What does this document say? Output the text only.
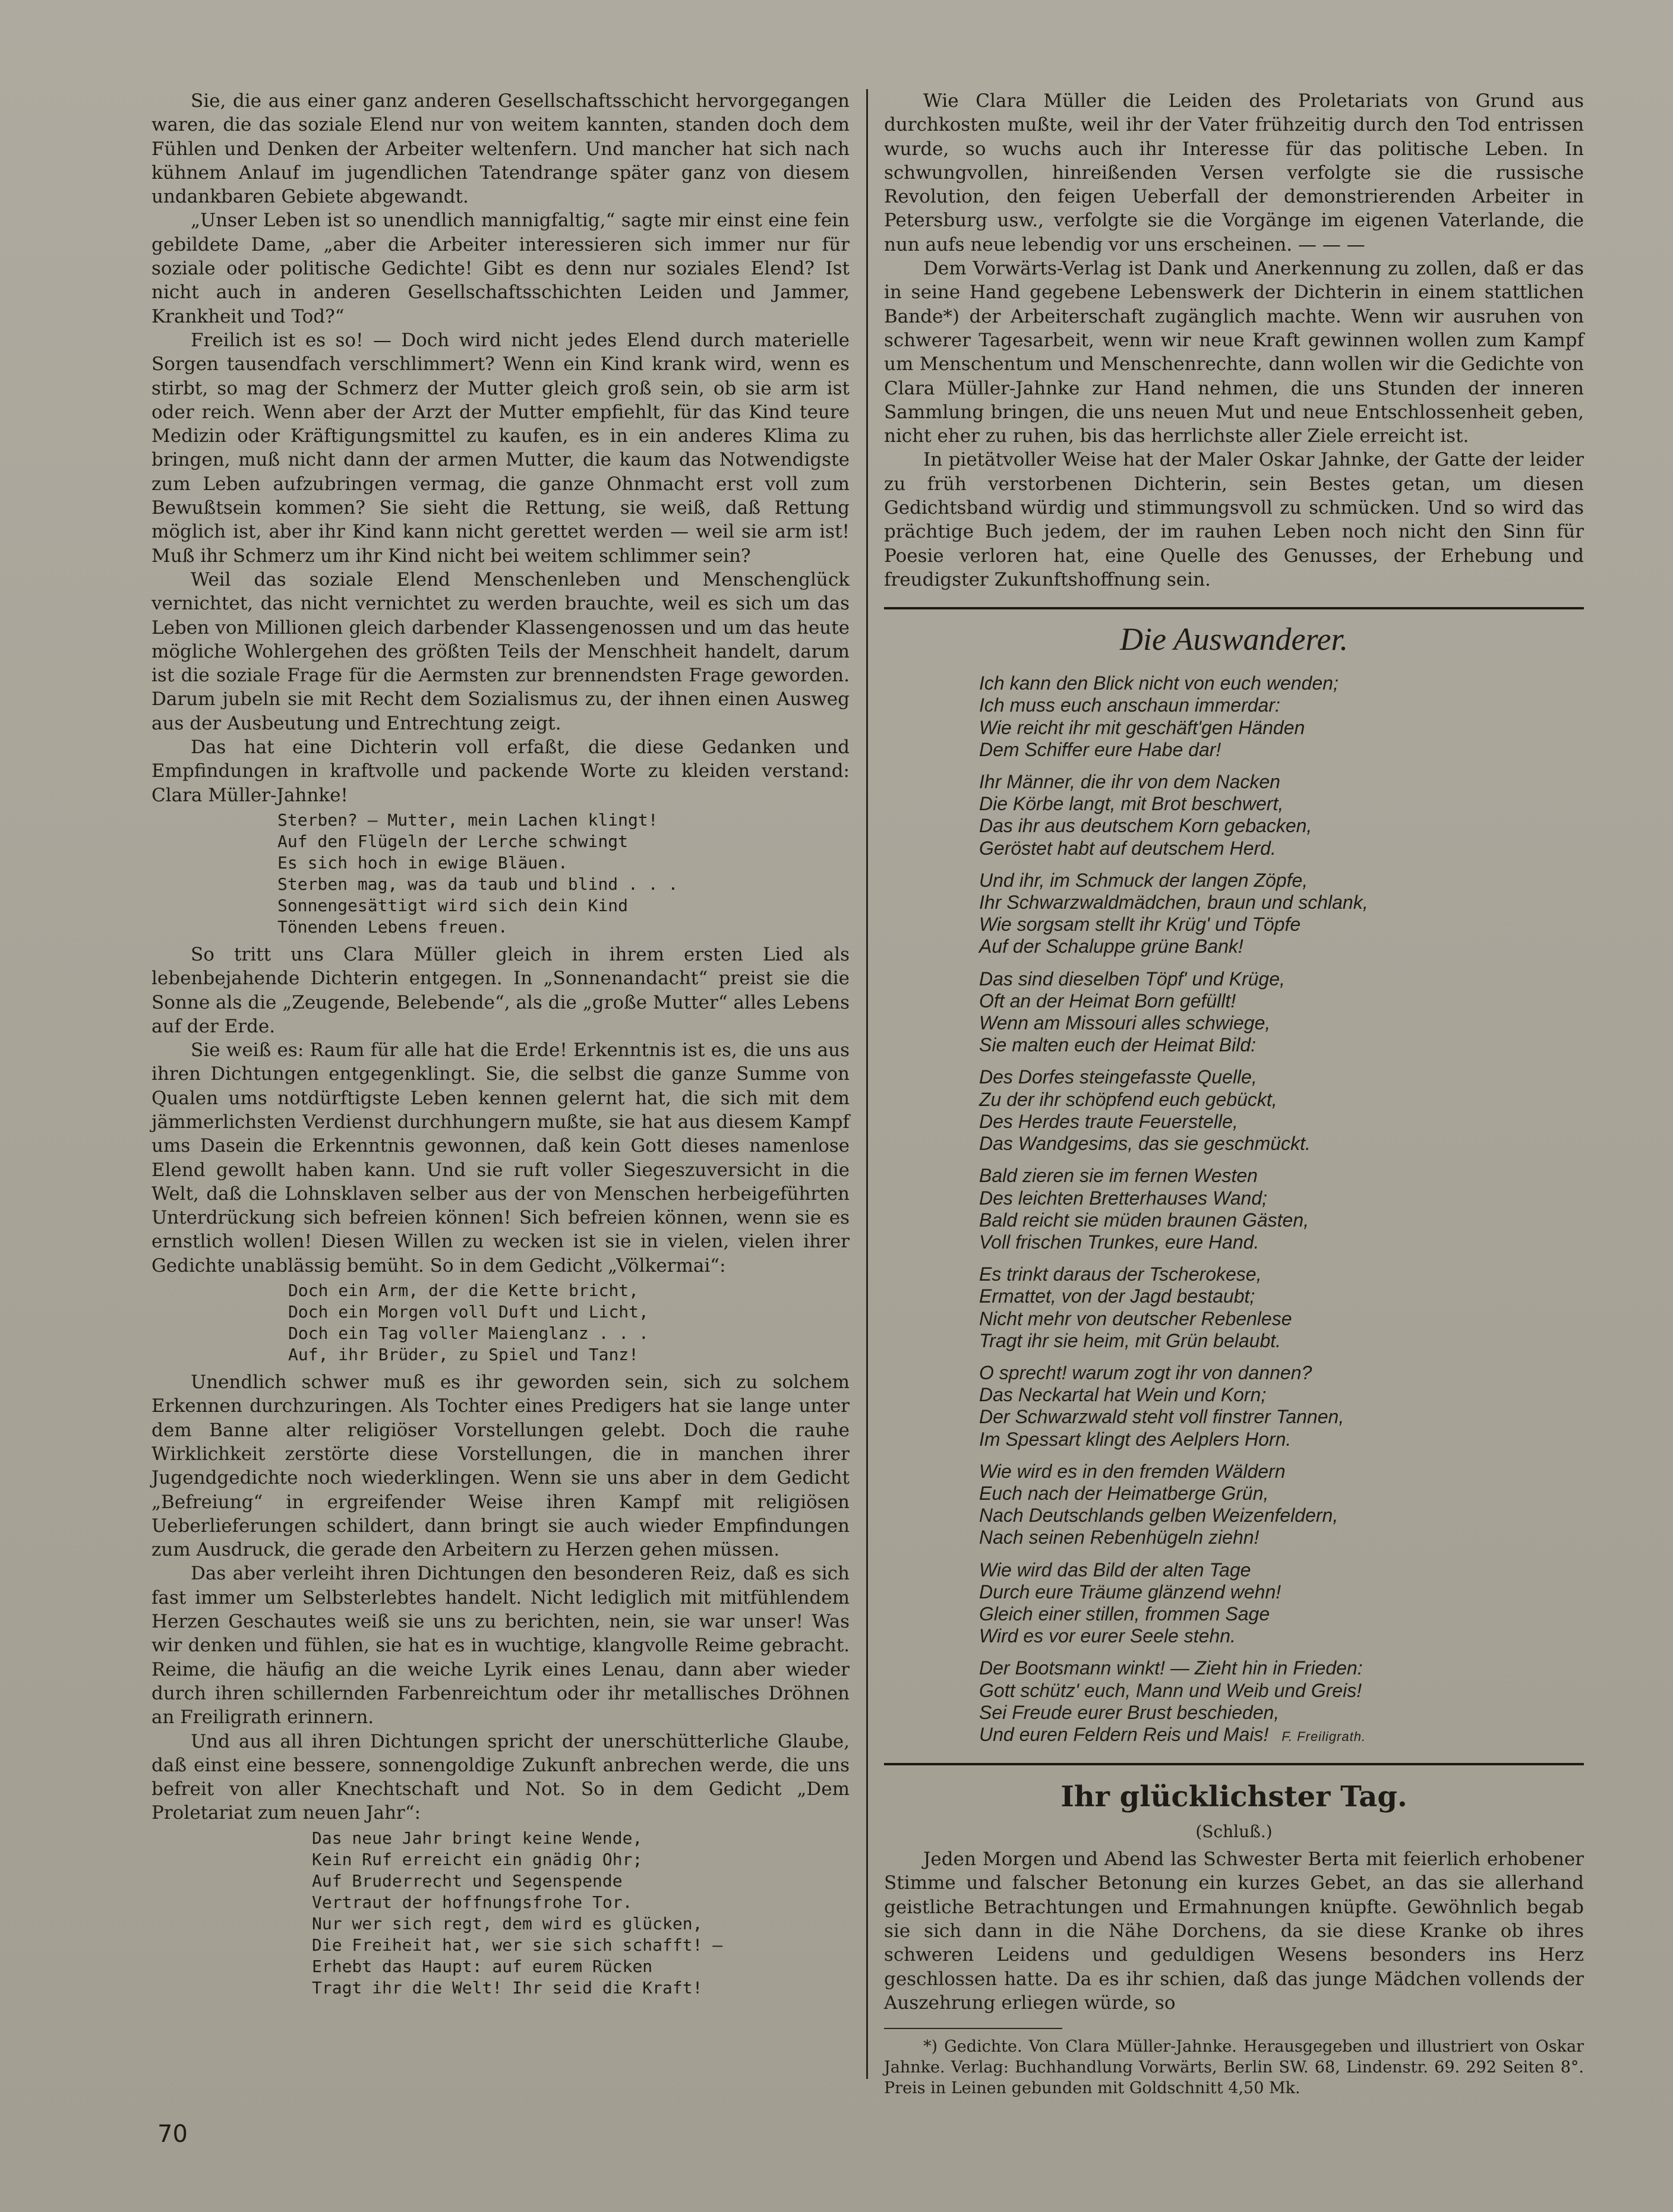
Sie, die aus einer ganz anderen Gesellschaftsschicht hervorgegangen waren, die das soziale Elend nur von weitem kannten, standen doch dem Fühlen und Denken der Arbeiter weltenfern. Und mancher hat sich nach kühnem Anlauf im jugendlichen Tatendrange später ganz von diesem undankbaren Gebiete abgewandt.

„Unser Leben ist so unendlich mannigfaltig,“ sagte mir einst eine fein gebildete Dame, „aber die Arbeiter interessieren sich immer nur für soziale oder politische Gedichte! Gibt es denn nur soziales Elend? Ist nicht auch in anderen Gesellschaftsschichten Leiden und Jammer, Krankheit und Tod?“

Freilich ist es so! — Doch wird nicht jedes Elend durch materielle Sorgen tausendfach verschlimmert? Wenn ein Kind krank wird, wenn es stirbt, so mag der Schmerz der Mutter gleich groß sein, ob sie arm ist oder reich. Wenn aber der Arzt der Mutter empfiehlt, für das Kind teure Medizin oder Kräftigungsmittel zu kaufen, es in ein anderes Klima zu bringen, muß nicht dann der armen Mutter, die kaum das Notwendigste zum Leben aufzubringen vermag, die ganze Ohnmacht erst voll zum Bewußtsein kommen? Sie sieht die Rettung, sie weiß, daß Rettung möglich ist, aber ihr Kind kann nicht gerettet werden — weil sie arm ist! Muß ihr Schmerz um ihr Kind nicht bei weitem schlimmer sein?

Weil das soziale Elend Menschenleben und Menschenglück vernichtet, das nicht vernichtet zu werden brauchte, weil es sich um das Leben von Millionen gleich darbender Klassengenossen und um das heute mögliche Wohlergehen des größten Teils der Menschheit handelt, darum ist die soziale Frage für die Aermsten zur brennendsten Frage geworden. Darum jubeln sie mit Recht dem Sozialismus zu, der ihnen einen Ausweg aus der Ausbeutung und Entrechtung zeigt.

Das hat eine Dichterin voll erfaßt, die diese Gedanken und Empfindungen in kraftvolle und packende Worte zu kleiden verstand: Clara Müller-Jahnke!

Sterben? — Mutter, mein Lachen klingt!
Auf den Flügeln der Lerche schwingt
Es sich hoch in ewige Bläuen.
Sterben mag, was da taub und blind . . .
Sonnengesättigt wird sich dein Kind
Tönenden Lebens freuen.

So tritt uns Clara Müller gleich in ihrem ersten Lied als lebenbejahende Dichterin entgegen. In „Sonnenandacht“ preist sie die Sonne als die „Zeugende, Belebende“, als die „große Mutter“ alles Lebens auf der Erde.

Sie weiß es: Raum für alle hat die Erde! Erkenntnis ist es, die uns aus ihren Dichtungen entgegenklingt. Sie, die selbst die ganze Summe von Qualen ums notdürftigste Leben kennen gelernt hat, die sich mit dem jämmerlichsten Verdienst durchhungern mußte, sie hat aus diesem Kampf ums Dasein die Erkenntnis gewonnen, daß kein Gott dieses namenlose Elend gewollt haben kann. Und sie ruft voller Siegeszuversicht in die Welt, daß die Lohnsklaven selber aus der von Menschen herbeigeführten Unterdrückung sich befreien können! Sich befreien können, wenn sie es ernstlich wollen! Diesen Willen zu wecken ist sie in vielen, vielen ihrer Gedichte unablässig bemüht. So in dem Gedicht „Völkermai“:

Doch ein Arm, der die Kette bricht,
Doch ein Morgen voll Duft und Licht,
Doch ein Tag voller Maienglanz . . .
Auf, ihr Brüder, zu Spiel und Tanz!

Unendlich schwer muß es ihr geworden sein, sich zu solchem Erkennen durchzuringen. Als Tochter eines Predigers hat sie lange unter dem Banne alter religiöser Vorstellungen gelebt. Doch die rauhe Wirklichkeit zerstörte diese Vorstellungen, die in manchen ihrer Jugendgedichte noch wiederklingen. Wenn sie uns aber in dem Gedicht „Befreiung“ in ergreifender Weise ihren Kampf mit religiösen Ueberlieferungen schildert, dann bringt sie auch wieder Empfindungen zum Ausdruck, die gerade den Arbeitern zu Herzen gehen müssen.

Das aber verleiht ihren Dichtungen den besonderen Reiz, daß es sich fast immer um Selbsterlebtes handelt. Nicht lediglich mit mitfühlendem Herzen Geschautes weiß sie uns zu berichten, nein, sie war unser! Was wir denken und fühlen, sie hat es in wuchtige, klangvolle Reime gebracht. Reime, die häufig an die weiche Lyrik eines Lenau, dann aber wieder durch ihren schillernden Farbenreichtum oder ihr metallisches Dröhnen an Freiligrath erinnern.

Und aus all ihren Dichtungen spricht der unerschütterliche Glaube, daß einst eine bessere, sonnengoldige Zukunft anbrechen werde, die uns befreit von aller Knechtschaft und Not. So in dem Gedicht „Dem Proletariat zum neuen Jahr“:

Das neue Jahr bringt keine Wende,
Kein Ruf erreicht ein gnädig Ohr;
Auf Bruderrecht und Segenspende
Vertraut der hoffnungsfrohe Tor.
Nur wer sich regt, dem wird es glücken,
Die Freiheit hat, wer sie sich schafft! —
Erhebt das Haupt: auf eurem Rücken
Tragt ihr die Welt! Ihr seid die Kraft!

Wie Clara Müller die Leiden des Proletariats von Grund aus durchkosten mußte, weil ihr der Vater frühzeitig durch den Tod entrissen wurde, so wuchs auch ihr Interesse für das politische Leben. In schwungvollen, hinreißenden Versen verfolgte sie die russische Revolution, den feigen Ueberfall der demonstrierenden Arbeiter in Petersburg usw., verfolgte sie die Vorgänge im eigenen Vaterlande, die nun aufs neue lebendig vor uns erscheinen. — — —

Dem Vorwärts-Verlag ist Dank und Anerkennung zu zollen, daß er das in seine Hand gegebene Lebenswerk der Dichterin in einem stattlichen Bande*) der Arbeiterschaft zugänglich machte. Wenn wir ausruhen von schwerer Tagesarbeit, wenn wir neue Kraft gewinnen wollen zum Kampf um Menschentum und Menschenrechte, dann wollen wir die Gedichte von Clara Müller-Jahnke zur Hand nehmen, die uns Stunden der inneren Sammlung bringen, die uns neuen Mut und neue Entschlossenheit geben, nicht eher zu ruhen, bis das herrlichste aller Ziele erreicht ist.

In pietätvoller Weise hat der Maler Oskar Jahnke, der Gatte der leider zu früh verstorbenen Dichterin, sein Bestes getan, um diesen Gedichtsband würdig und stimmungsvoll zu schmücken. Und so wird das prächtige Buch jedem, der im rauhen Leben noch nicht den Sinn für Poesie verloren hat, eine Quelle des Genusses, der Erhebung und freudigster Zukunftshoffnung sein.

Die Auswanderer.
Ich kann den Blick nicht von euch wenden;
Ich muss euch anschaun immerdar:
Wie reicht ihr mit geschäft'gen Händen
Dem Schiffer eure Habe dar!
Ihr Männer, die ihr von dem Nacken
Die Körbe langt, mit Brot beschwert,
Das ihr aus deutschem Korn gebacken,
Geröstet habt auf deutschem Herd.
Und ihr, im Schmuck der langen Zöpfe,
Ihr Schwarzwaldmädchen, braun und schlank,
Wie sorgsam stellt ihr Krüg' und Töpfe
Auf der Schaluppe grüne Bank!
Das sind dieselben Töpf' und Krüge,
Oft an der Heimat Born gefüllt!
Wenn am Missouri alles schwiege,
Sie malten euch der Heimat Bild:
Des Dorfes steingefasste Quelle,
Zu der ihr schöpfend euch gebückt,
Des Herdes traute Feuerstelle,
Das Wandgesims, das sie geschmückt.
Bald zieren sie im fernen Westen
Des leichten Bretterhauses Wand;
Bald reicht sie müden braunen Gästen,
Voll frischen Trunkes, eure Hand.
Es trinkt daraus der Tscherokese,
Ermattet, von der Jagd bestaubt;
Nicht mehr von deutscher Rebenlese
Tragt ihr sie heim, mit Grün belaubt.
O sprecht! warum zogt ihr von dannen?
Das Neckartal hat Wein und Korn;
Der Schwarzwald steht voll finstrer Tannen,
Im Spessart klingt des Aelplers Horn.
Wie wird es in den fremden Wäldern
Euch nach der Heimatberge Grün,
Nach Deutschlands gelben Weizenfeldern,
Nach seinen Rebenhügeln ziehn!
Wie wird das Bild der alten Tage
Durch eure Träume glänzend wehn!
Gleich einer stillen, frommen Sage
Wird es vor eurer Seele stehn.
Der Bootsmann winkt! — Zieht hin in Frieden:
Gott schütz' euch, Mann und Weib und Greis!
Sei Freude eurer Brust beschieden,
Und euren Feldern Reis und Mais! F. Freiligrath.
Ihr glücklichster Tag.
(Schluß.)

Jeden Morgen und Abend las Schwester Berta mit feierlich erhobener Stimme und falscher Betonung ein kurzes Gebet, an das sie allerhand geistliche Betrachtungen und Ermahnungen knüpfte. Gewöhnlich begab sie sich dann in die Nähe Dorchens, da sie diese Kranke ob ihres schweren Leidens und geduldigen Wesens besonders ins Herz geschlossen hatte. Da es ihr schien, daß das junge Mädchen vollends der Auszehrung erliegen würde, so

*) Gedichte. Von Clara Müller-Jahnke. Herausgegeben und illustriert von Oskar Jahnke. Verlag: Buchhandlung Vorwärts, Berlin SW. 68, Lindenstr. 69. 292 Seiten 8°. Preis in Leinen gebunden mit Goldschnitt 4,50 Mk.

70
